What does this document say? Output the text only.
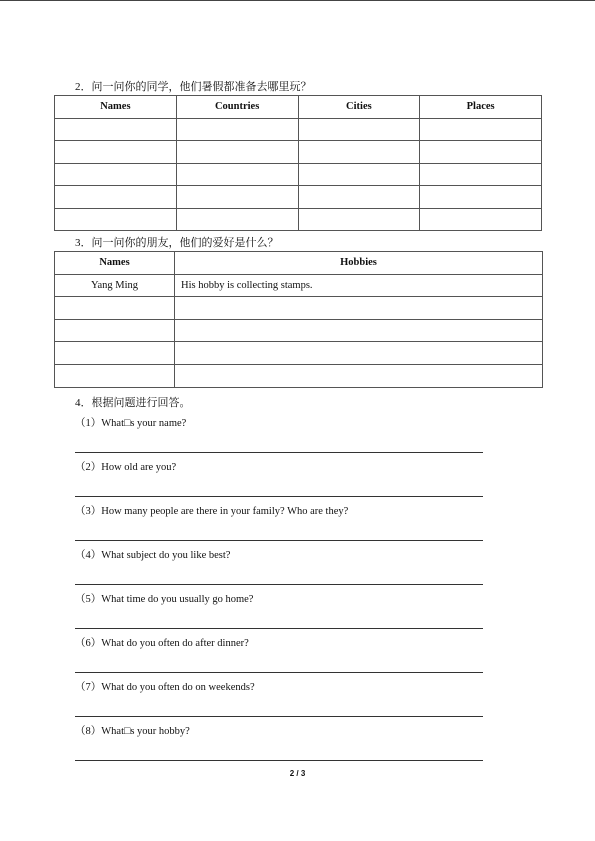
2．问一问你的同学，他们暑假都准备去哪里玩？
Names	Countries	Cities	Places

3．问一问你的朋友，他们的爱好是什么？
Names	Hobbies
Yang Ming	His hobby is collecting stamps.

4．根据问题进行回答。
（1）What□s your name?
（2）How old are you?
（3）How many people are there in your family? Who are they?
（4）What subject do you like best?
（5）What time do you usually go home?
（6）What do you often do after dinner?
（7）What do you often do on weekends?
（8）What□s your hobby?
2 / 3
